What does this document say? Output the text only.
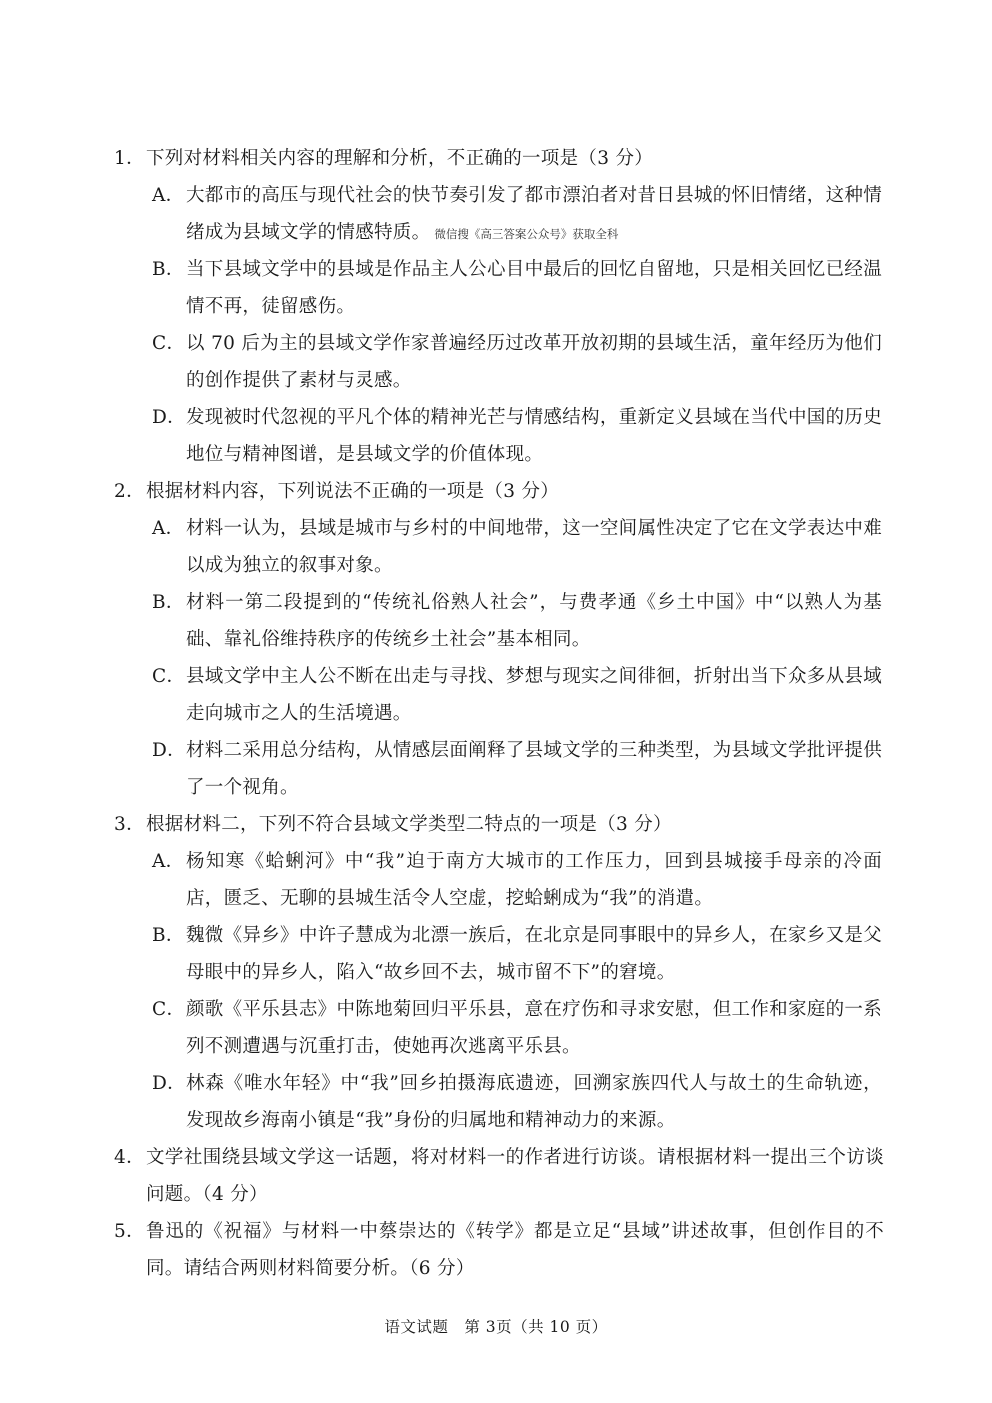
1．下列对材料相关内容的理解和分析，不正确的一项是（3 分）
A． 大都市的高压与现代社会的快节奏引发了都市漂泊者对昔日县城的怀旧情绪，这种情绪成为县域文学的情感特质。 微信搜《高三答案公众号》获取全科
B． 当下县域文学中的县域是作品主人公心目中最后的回忆自留地，只是相关回忆已经温情不再，徒留感伤。
C． 以 70 后为主的县域文学作家普遍经历过改革开放初期的县域生活，童年经历为他们的创作提供了素材与灵感。
D． 发现被时代忽视的平凡个体的精神光芒与情感结构，重新定义县域在当代中国的历史地位与精神图谱，是县域文学的价值体现。
2．根据材料内容，下列说法不正确的一项是（3 分）
A． 材料一认为，县域是城市与乡村的中间地带，这一空间属性决定了它在文学表达中难以成为独立的叙事对象。
B． 材料一第二段提到的“传统礼俗熟人社会”，与费孝通《乡土中国》中“以熟人为基础、靠礼俗维持秩序的传统乡土社会”基本相同。
C． 县域文学中主人公不断在出走与寻找、梦想与现实之间徘徊，折射出当下众多从县域走向城市之人的生活境遇。
D． 材料二采用总分结构，从情感层面阐释了县域文学的三种类型，为县域文学批评提供了一个视角。
3．根据材料二，下列不符合县域文学类型二特点的一项是（3 分）
A． 杨知寒《蛤蜊河》中“我”迫于南方大城市的工作压力，回到县城接手母亲的冷面店，匮乏、无聊的县城生活令人空虚，挖蛤蜊成为“我”的消遣。
B． 魏微《异乡》中许子慧成为北漂一族后，在北京是同事眼中的异乡人，在家乡又是父母眼中的异乡人，陷入“故乡回不去，城市留不下”的窘境。
C． 颜歌《平乐县志》中陈地菊回归平乐县，意在疗伤和寻求安慰，但工作和家庭的一系列不测遭遇与沉重打击，使她再次逃离平乐县。
D． 林森《唯水年轻》中“我”回乡拍摄海底遗迹，回溯家族四代人与故土的生命轨迹，发现故乡海南小镇是“我”身份的归属地和精神动力的来源。
4． 文学社围绕县域文学这一话题，将对材料一的作者进行访谈。请根据材料一提出三个访谈问题。（4 分）
5． 鲁迅的《祝福》与材料一中蔡崇达的《转学》都是立足“县域”讲述故事，但创作目的不同。请结合两则材料简要分析。（6 分）
语文试题　第 3页（共 10 页）
